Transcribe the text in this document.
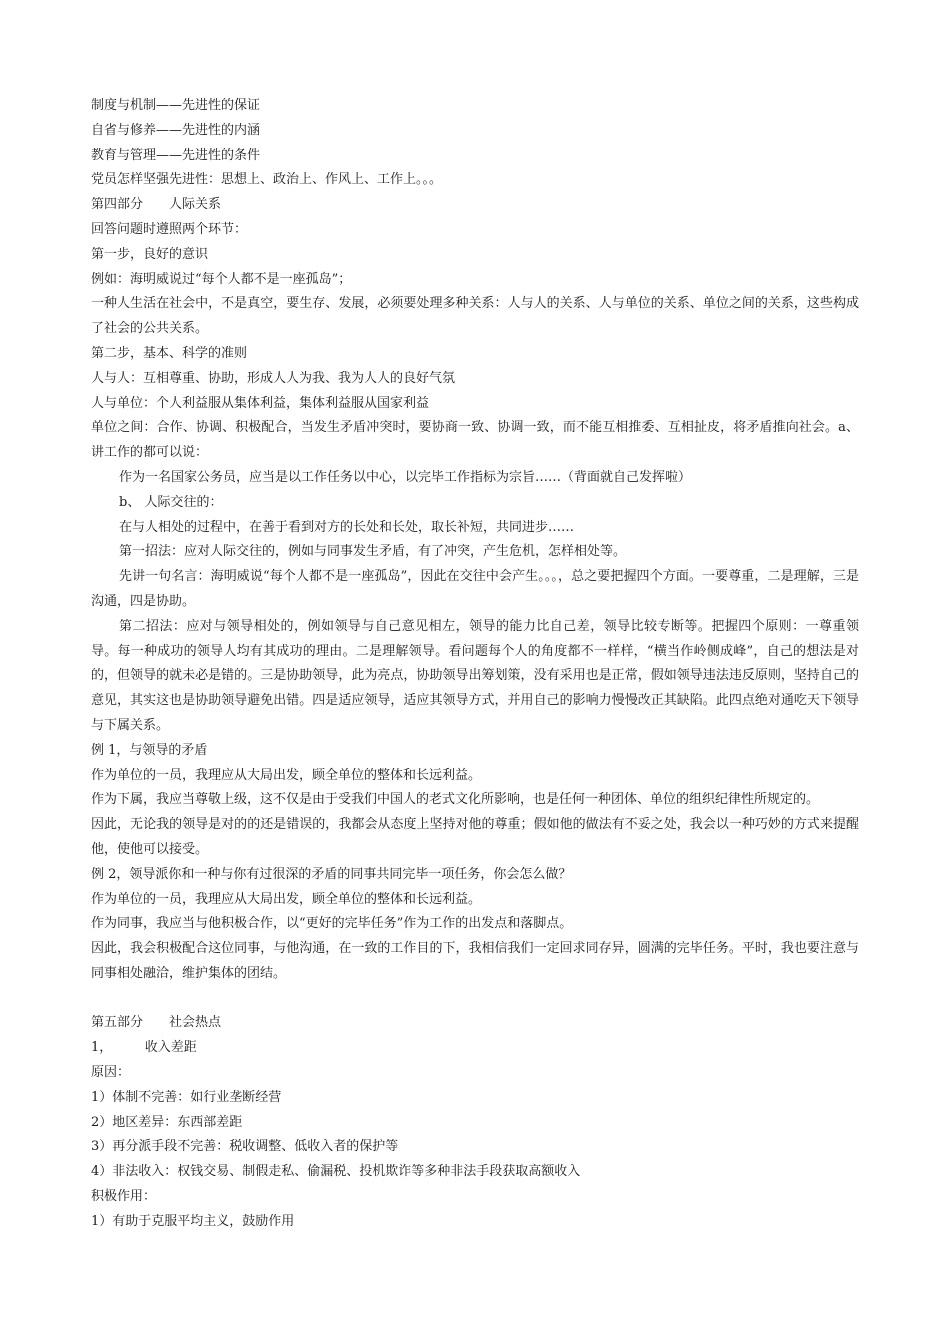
制度与机制——先进性的保证

自省与修养——先进性的内涵

教育与管理——先进性的条件

党员怎样坚强先进性：思想上、政治上、作风上、工作上。。。

第四部分　　人际关系

回答问题时遵照两个环节：

第一步，良好的意识

例如：海明威说过“每个人都不是一座孤岛”；

一种人生活在社会中，不是真空，要生存、发展，必须要处理多种关系：人与人的关系、人与单位的关系、单位之间的关系，这些构成了社会的公共关系。

第二步，基本、科学的准则

人与人：互相尊重、协助，形成人人为我、我为人人的良好气氛

人与单位：个人利益服从集体利益，集体利益服从国家利益

单位之间：合作、协调、积极配合，当发生矛盾冲突时，要协商一致、协调一致，而不能互相推委、互相扯皮，将矛盾推向社会。a、 讲工作的都可以说：

作为一名国家公务员，应当是以工作任务以中心，以完毕工作指标为宗旨……（背面就自己发挥啦）

b、 人际交往的：

在与人相处的过程中，在善于看到对方的长处和长处，取长补短，共同进步……

第一招法：应对人际交往的，例如与同事发生矛盾，有了冲突，产生危机，怎样相处等。

先讲一句名言：海明威说“每个人都不是一座孤岛”，因此在交往中会产生。。。，总之要把握四个方面。一要尊重，二是理解，三是沟通，四是协助。

第二招法：应对与领导相处的，例如领导与自己意见相左，领导的能力比自己差，领导比较专断等。把握四个原则：一尊重领导。每一种成功的领导人均有其成功的理由。二是理解领导。看问题每个人的角度都不一样样，“横当作岭侧成峰”，自己的想法是对的，但领导的就未必是错的。三是协助领导，此为亮点，协助领导出筹划策，没有采用也是正常，假如领导违法违反原则，坚持自己的意见，其实这也是协助领导避免出错。四是适应领导，适应其领导方式，并用自己的影响力慢慢改正其缺陷。此四点绝对通吃天下领导与下属关系。

例 1，与领导的矛盾

作为单位的一员，我理应从大局出发，顾全单位的整体和长远利益。

作为下属，我应当尊敬上级，这不仅是由于受我们中国人的老式文化所影响，也是任何一种团体、单位的组织纪律性所规定的。

因此，无论我的领导是对的的还是错误的，我都会从态度上坚持对他的尊重；假如他的做法有不妥之处，我会以一种巧妙的方式来提醒他，使他可以接受。

例 2，领导派你和一种与你有过很深的矛盾的同事共同完毕一项任务，你会怎么做？

作为单位的一员，我理应从大局出发，顾全单位的整体和长远利益。

作为同事，我应当与他积极合作，以“更好的完毕任务”作为工作的出发点和落脚点。

因此，我会积极配合这位同事，与他沟通，在一致的工作目的下，我相信我们一定回求同存异，圆满的完毕任务。平时，我也要注意与同事相处融洽，维护集体的团结。

第五部分　　社会热点

1，　　　收入差距

原因：

1）体制不完善：如行业垄断经营

2）地区差异：东西部差距

3）再分派手段不完善：税收调整、低收入者的保护等

4）非法收入：权钱交易、制假走私、偷漏税、投机欺诈等多种非法手段获取高额收入

积极作用：

1）有助于克服平均主义，鼓励作用
